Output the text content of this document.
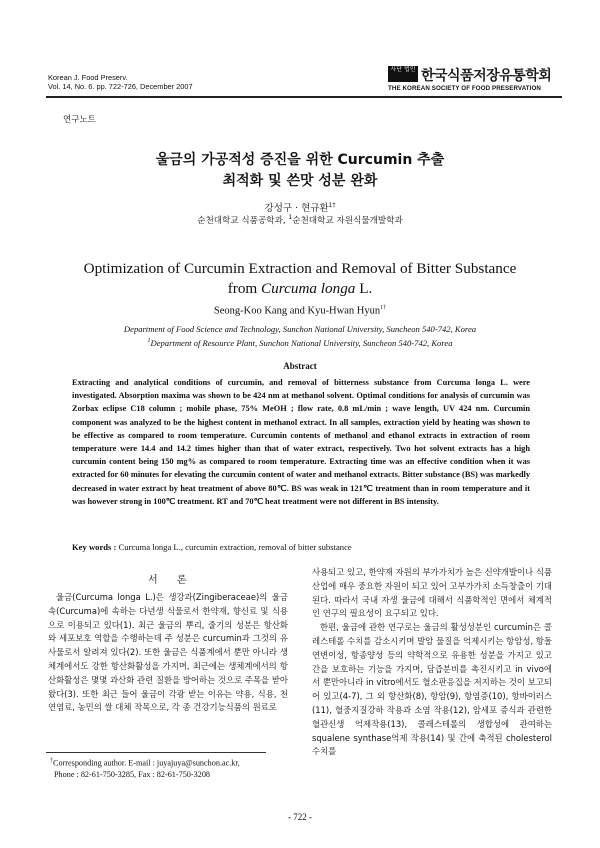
Korean J. Food Preserv.
Vol. 14, No. 6. pp. 722-726, December 2007
사단 법인 한국식품저장유통학회
THE KOREAN SOCIETY OF FOOD PRESERVATION
연구노트
울금의 가공적성 증진을 위한 Curcumin 추출
최적화 및 쓴맛 성분 완화
강성구 · 현규환$^{1\dagger}$
순천대학교 식품공학과, $^1$순천대학교 자원식물개발학과
Optimization of Curcumin Extraction and Removal of Bitter Substance
from Curcuma longa L.
Seong-Koo Kang and Kyu-Hwan Hyun$^{1\dagger}$
Department of Food Science and Technology, Sunchon National University, Suncheon 540-742, Korea
$^1$Department of Resource Plant, Sunchon National University, Suncheon 540-742, Korea
Abstract
Extracting and analytical conditions of curcumin, and removal of bitterness substance from Curcuma longa L. were investigated. Absorption maxima was shown to be 424 nm at methanol solvent. Optimal conditions for analysis of curcumin was Zorbax eclipse C18 column ; mobile phase, 75% MeOH ; flow rate, 0.8 mL/min ; wave length, UV 424 nm. Curcumin component was analyzed to be the highest content in methanol extract. In all samples, extraction yield by heating was shown to be effective as compared to room temperature. Curcumin contents of methanol and ethanol extracts in extraction of room temperature were 14.4 and 14.2 times higher than that of water extract, respectively. Two hot solvent extracts has a high curcumin content being 150 mg% as compared to room temperature. Extracting time was an effective condition when it was extracted for 60 minutes for elevating the curcumin content of water and methanol extracts. Bitter substance (BS) was markedly decreased in water extract by heat treatment of above 80℃. BS was weak in 121℃ treatment than in room temperature and it was however strong in 100℃ treatment. RT and 70℃ heat treatment were not different in BS intensity.
Key words : Curcuma longa L., curcumin extraction, removal of bitter substance
서 론

울금(Curcuma longa L.)은 생강과(Zingiberaceae)의 울금속(Curcuma)에 속하는 다년생 식물로서 한약재, 향신료 및 식용으로 이용되고 있다(1). 최근 울금의 뿌리, 줄기의 성분은 항산화와 세포보호 역할을 수행하는데 주 성분은 curcumin과 그것의 유사물로서 알려져 있다(2). 또한 울금은 식품계에서 뿐만 아니라 생체계에서도 강한 항산화활성을 가지며, 최근에는 생체계에서의 항산화활성은 몇몇 과산화 관련 질환을 방어하는 것으로 주목을 받아왔다(3). 또한 최근 들어 울금이 각광 받는 이유는 약용, 식용, 천연염료, 농민의 쌀 대체 작목으로, 각 종 건강기능식품의 원료로

사용되고 있고, 한약재 자원의 부가가치가 높은 신약개발이나 식품산업에 매우 중요한 자원이 되고 있어 고부가가치 소득창출이 기대된다. 따라서 국내 자생 울금에 대해서 식품학적인 면에서 체계적인 연구의 필요성이 요구되고 있다.

한편, 울금에 관한 연구로는 울금의 활성성분인 curcumin은 콜레스테롤 수치를 감소시키며 발암 물질을 억제시키는 항암성, 항돌연변이성, 항종양성 등의 약학적으로 유용한 성분을 가지고 있고 간을 보호하는 기능을 가지며, 담즙분비를 촉진시키고 in vivo에서 뿐만아니라 in vitro에서도 혈소판응집을 저지하는 것이 보고되어 있고(4-7), 그 외 항산화(8), 항암(9), 항염증(10), 항바이러스(11), 혈중지질강하 작용과 소염 작용(12), 암세포 증식과 관련한 혈관신생 억제작용(13), 콜레스테롤의 생합성에 관여하는 squalene synthase억제 작용(14) 및 간에 축적된 cholesterol 수치를

†Corresponding author. E-mail : juyajuya@sunchon.ac.kr,
Phone : 82-61-750-3285, Fax : 82-61-750-3208
- 722 -
